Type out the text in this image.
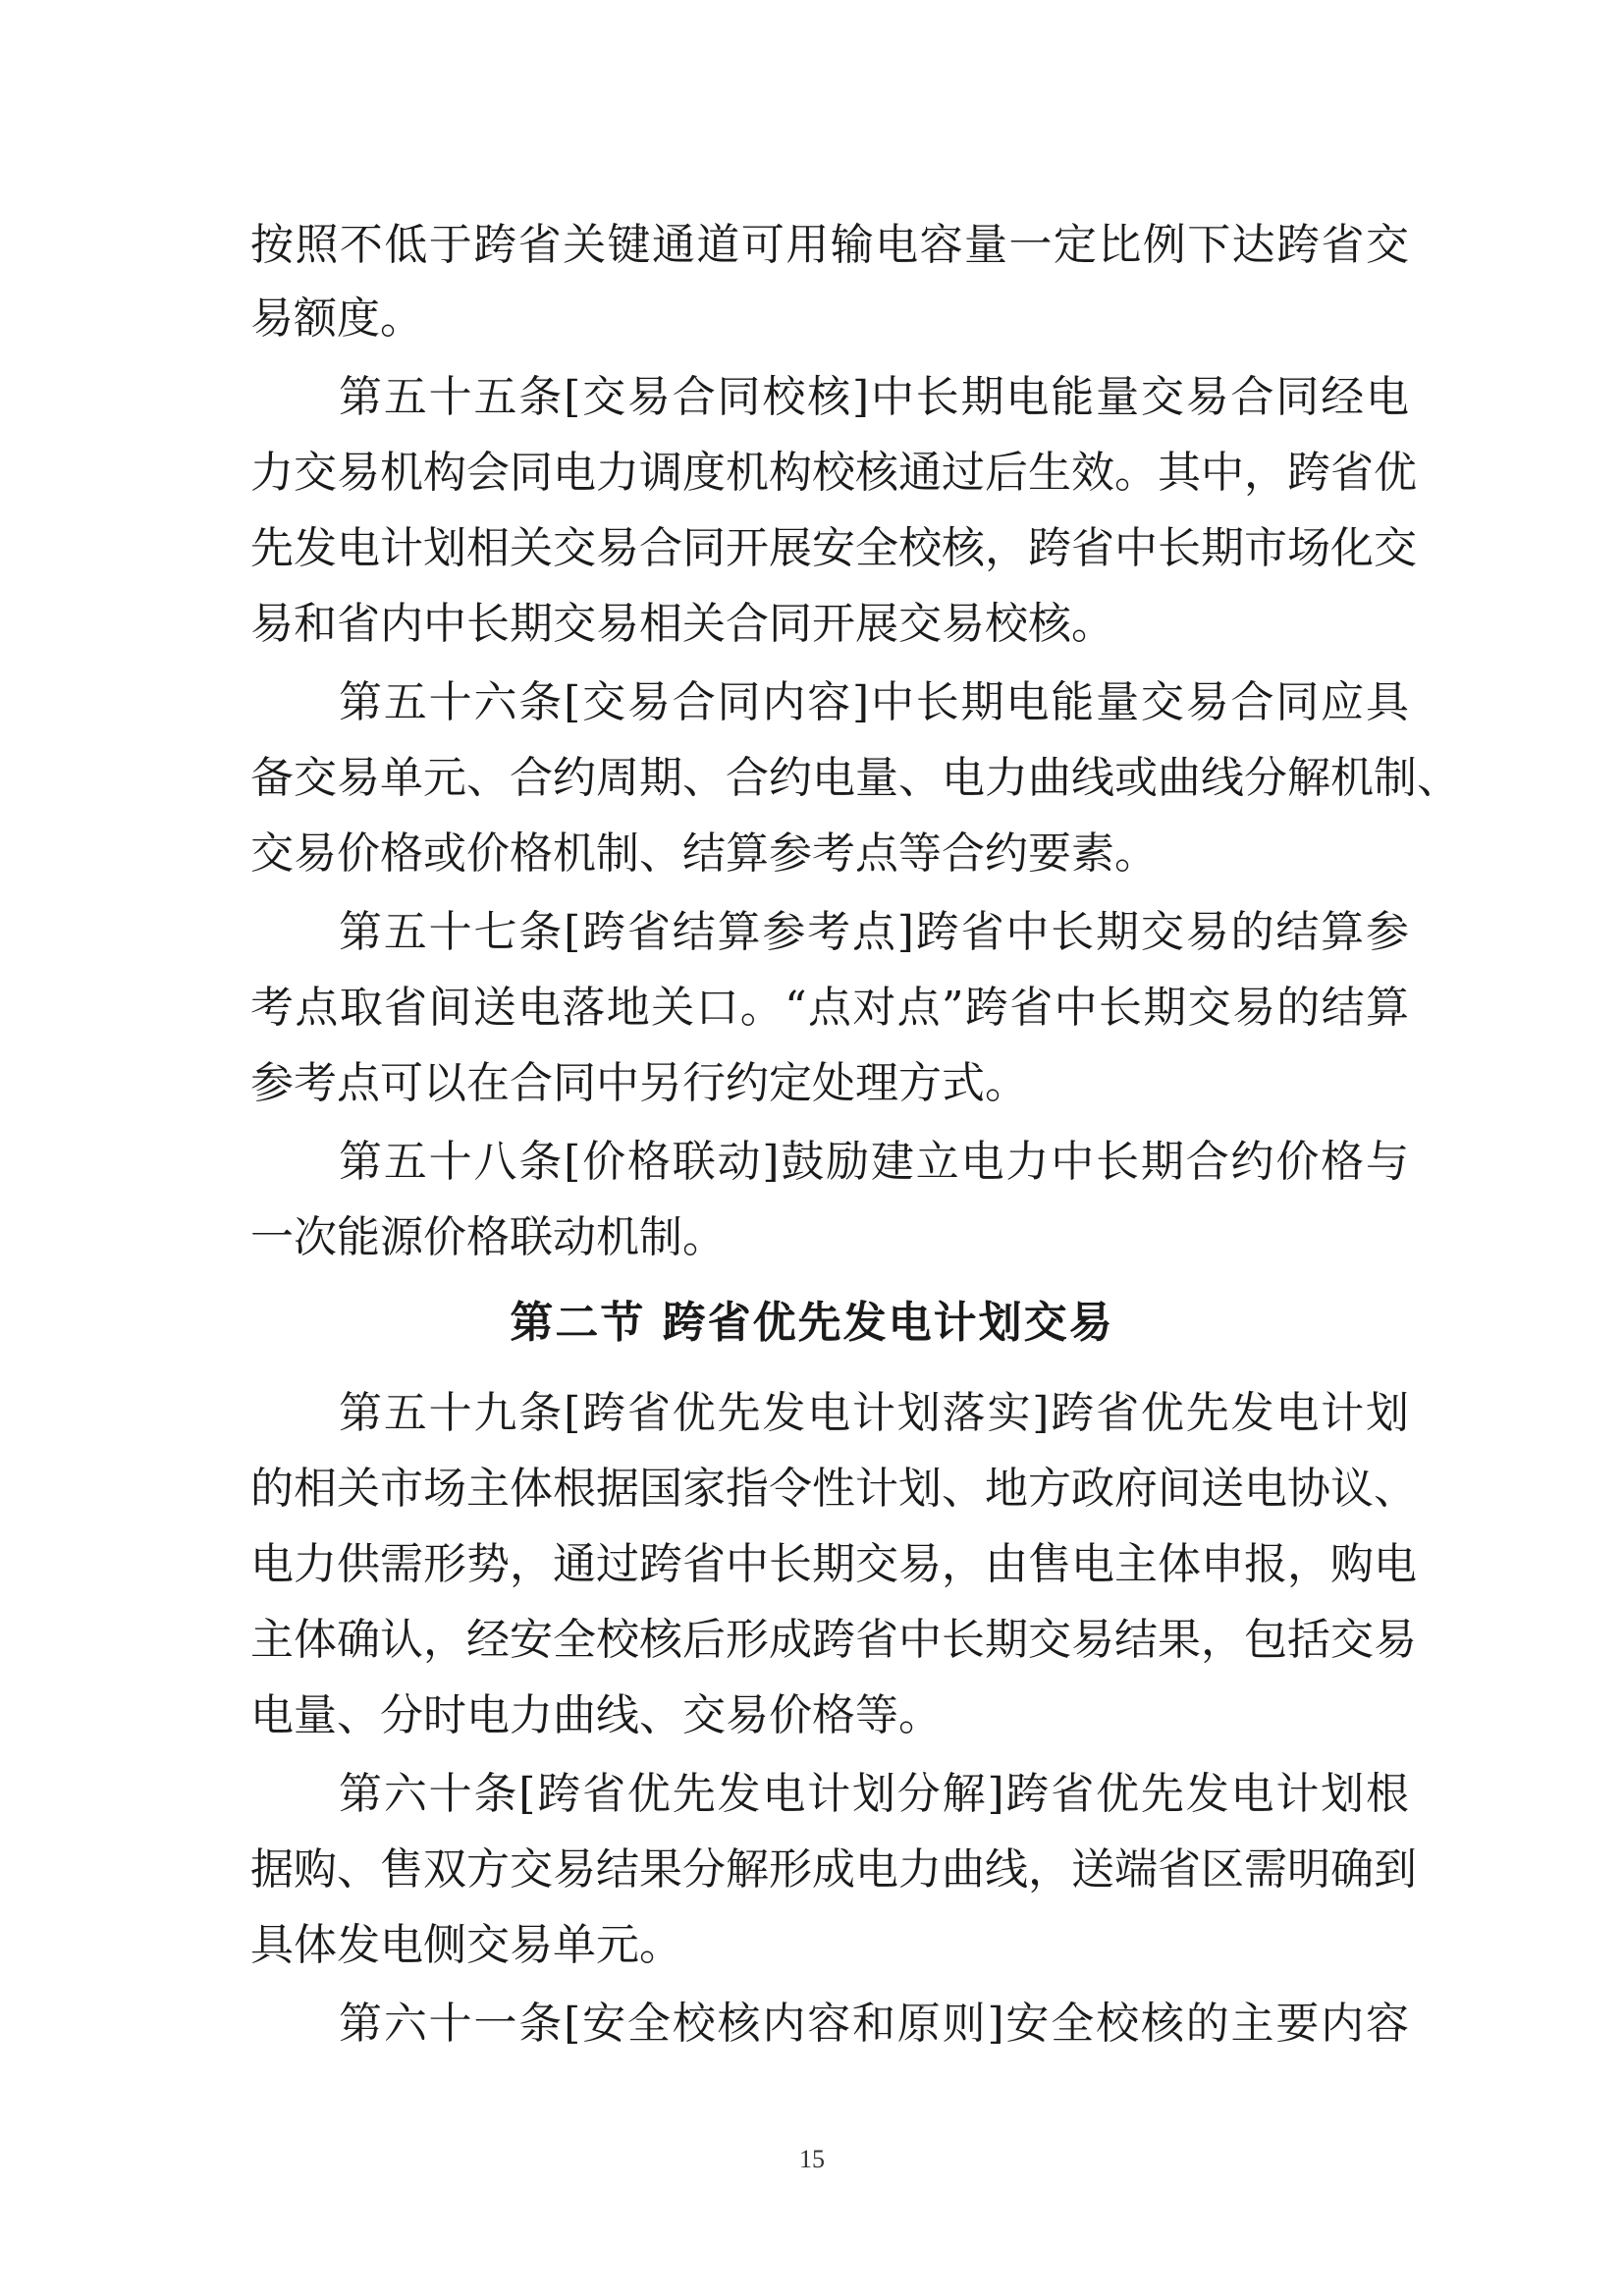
按照不低于跨省关键通道可用输电容量一定比例下达跨省交
易额度。
第五十五条[交易合同校核]中长期电能量交易合同经电
力交易机构会同电力调度机构校核通过后生效。其中，跨省优
先发电计划相关交易合同开展安全校核，跨省中长期市场化交
易和省内中长期交易相关合同开展交易校核。
第五十六条[交易合同内容]中长期电能量交易合同应具
备交易单元、合约周期、合约电量、电力曲线或曲线分解机制、
交易价格或价格机制、结算参考点等合约要素。
第五十七条[跨省结算参考点]跨省中长期交易的结算参
考点取省间送电落地关口。“点对点”跨省中长期交易的结算
参考点可以在合同中另行约定处理方式。
第五十八条[价格联动]鼓励建立电力中长期合约价格与
一次能源价格联动机制。
第二节 跨省优先发电计划交易
第五十九条[跨省优先发电计划落实]跨省优先发电计划
的相关市场主体根据国家指令性计划、地方政府间送电协议、
电力供需形势，通过跨省中长期交易，由售电主体申报，购电
主体确认，经安全校核后形成跨省中长期交易结果，包括交易
电量、分时电力曲线、交易价格等。
第六十条[跨省优先发电计划分解]跨省优先发电计划根
据购、售双方交易结果分解形成电力曲线，送端省区需明确到
具体发电侧交易单元。
第六十一条[安全校核内容和原则]安全校核的主要内容
15
